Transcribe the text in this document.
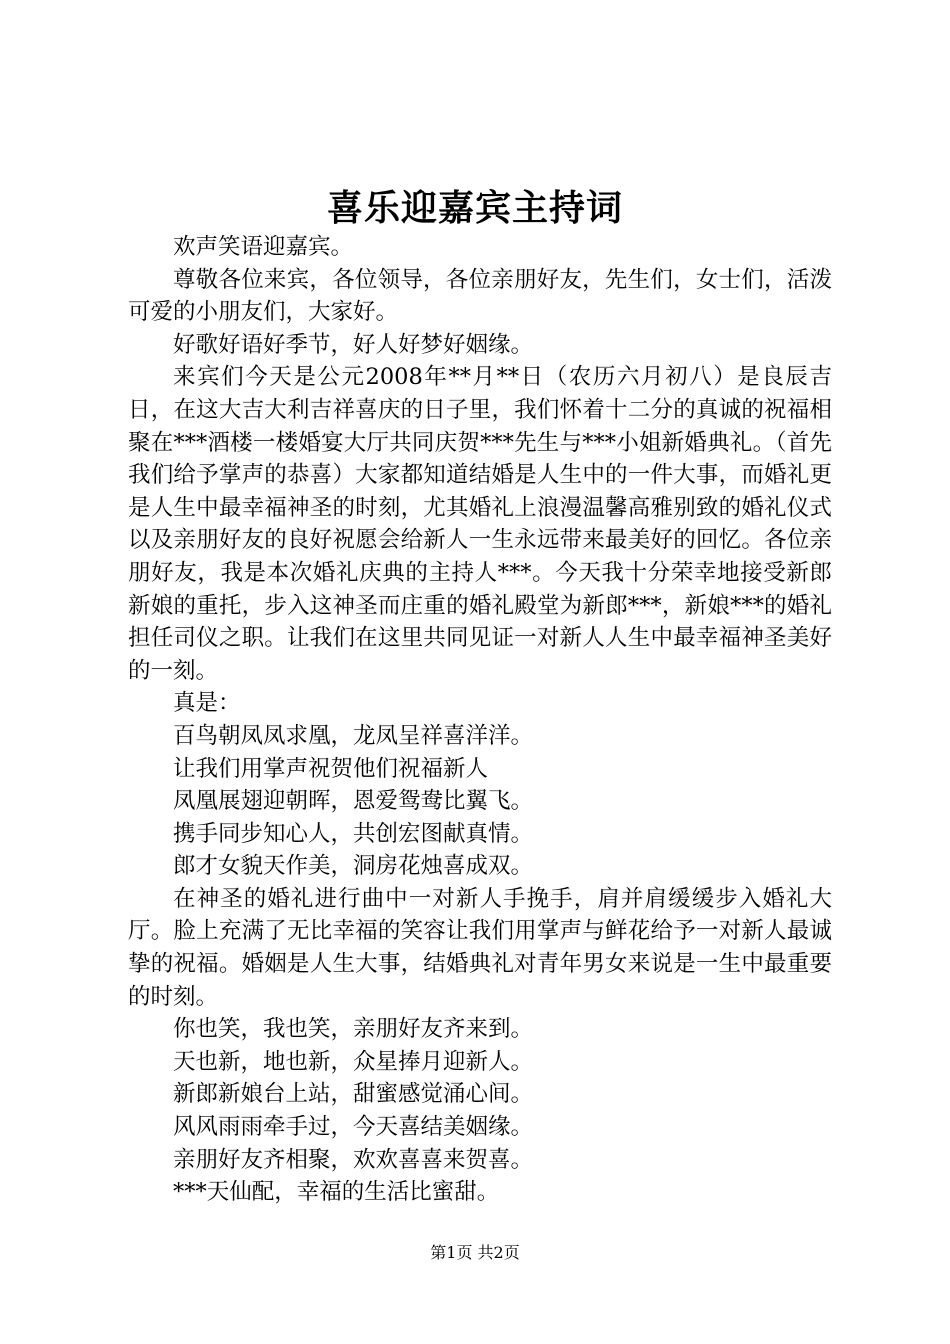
喜乐迎嘉宾主持词

欢声笑语迎嘉宾。

尊敬各位来宾，各位领导，各位亲朋好友，先生们，女士们，活泼可爱的小朋友们，大家好。

好歌好语好季节，好人好梦好姻缘。

来宾们今天是公元2008年**月**日（农历六月初八）是良辰吉日，在这大吉大利吉祥喜庆的日子里，我们怀着十二分的真诚的祝福相聚在***酒楼一楼婚宴大厅共同庆贺***先生与***小姐新婚典礼。（首先我们给予掌声的恭喜）大家都知道结婚是人生中的一件大事，而婚礼更是人生中最幸福神圣的时刻，尤其婚礼上浪漫温馨高雅别致的婚礼仪式以及亲朋好友的良好祝愿会给新人一生永远带来最美好的回忆。各位亲朋好友，我是本次婚礼庆典的主持人***。今天我十分荣幸地接受新郎新娘的重托，步入这神圣而庄重的婚礼殿堂为新郎***，新娘***的婚礼担任司仪之职。让我们在这里共同见证一对新人人生中最幸福神圣美好的一刻。

真是：

百鸟朝凤凤求凰，龙凤呈祥喜洋洋。

让我们用掌声祝贺他们祝福新人

凤凰展翅迎朝晖，恩爱鸳鸯比翼飞。

携手同步知心人，共创宏图献真情。

郎才女貌天作美，洞房花烛喜成双。

在神圣的婚礼进行曲中一对新人手挽手，肩并肩缓缓步入婚礼大厅。脸上充满了无比幸福的笑容让我们用掌声与鲜花给予一对新人最诚挚的祝福。婚姻是人生大事，结婚典礼对青年男女来说是一生中最重要的时刻。

你也笑，我也笑，亲朋好友齐来到。

天也新，地也新，众星捧月迎新人。

新郎新娘台上站，甜蜜感觉涌心间。

风风雨雨牵手过，今天喜结美姻缘。

亲朋好友齐相聚，欢欢喜喜来贺喜。

***天仙配，幸福的生活比蜜甜。

第1页 共2页
